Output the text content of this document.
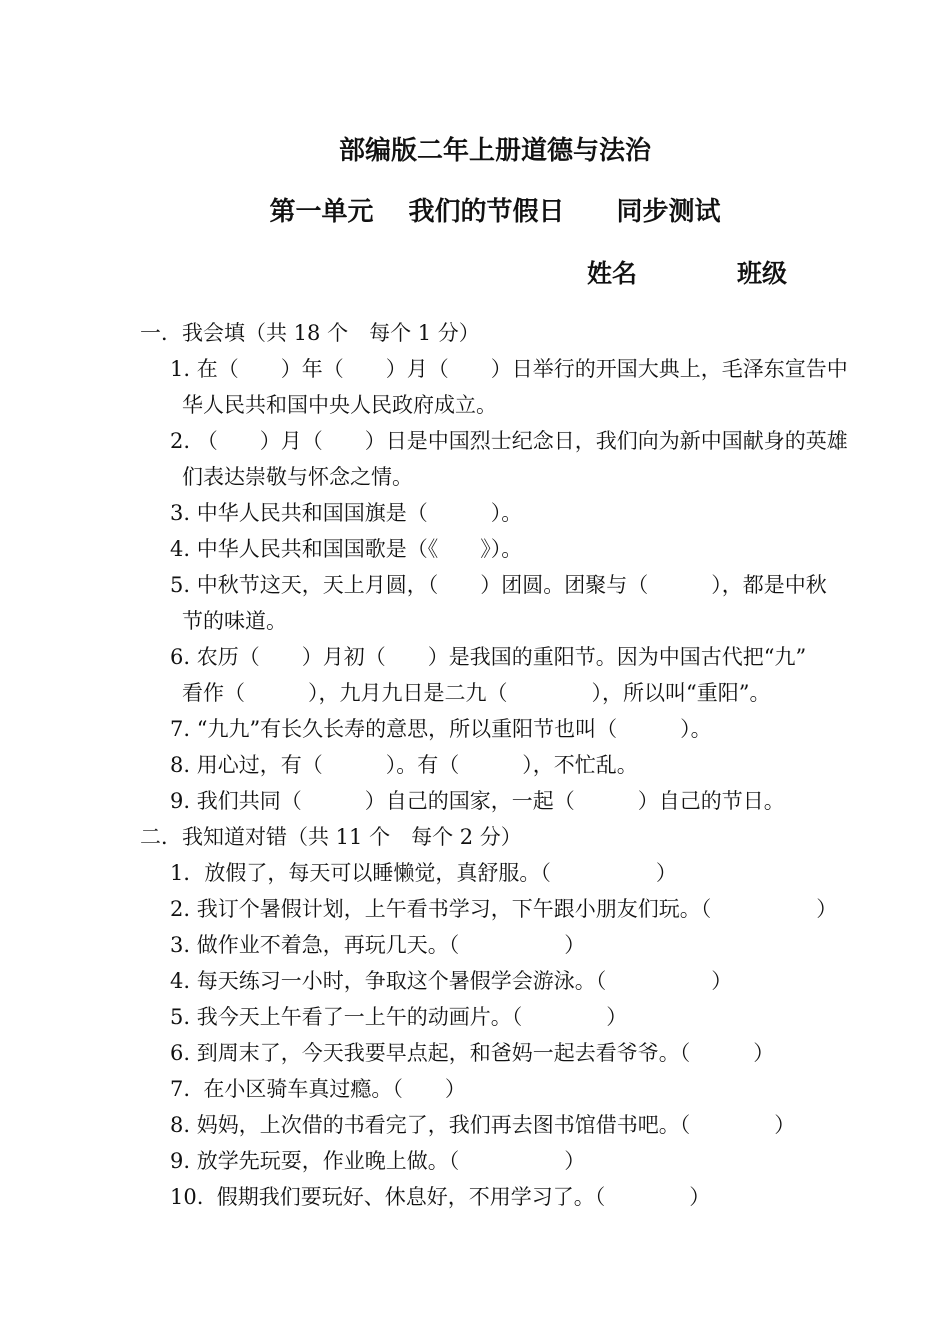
部编版二年上册道德与法治
第一单元　 我们的节假日　　同步测试
姓名　　　　班级
一．我会填（共 18 个　每个 1 分）
1. 在（　　）年（　　）月（　　）日举行的开国大典上，毛泽东宣告中
华人民共和国中央人民政府成立。
2. （　　）月（　　）日是中国烈士纪念日，我们向为新中国献身的英雄
们表达崇敬与怀念之情。
3. 中华人民共和国国旗是（　　　）。
4. 中华人民共和国国歌是（《　　》）。
5. 中秋节这天，天上月圆，（　　）团圆。团聚与（　　　），都是中秋
节的味道。
6. 农历（　　）月初（　　）是我国的重阳节。因为中国古代把“九”
看作（　　　），九月九日是二九（　　　　），所以叫“重阳”。
7. “九九”有长久长寿的意思，所以重阳节也叫（　　　）。
8. 用心过，有（　　　）。有（　　　），不忙乱。
9. 我们共同（　　　）自己的国家，一起（　　　）自己的节日。
二．我知道对错（共 11 个　每个 2 分）
1．放假了，每天可以睡懒觉，真舒服。（　　　　　）
2. 我订个暑假计划，上午看书学习，下午跟小朋友们玩。（　　　　　）
3. 做作业不着急，再玩几天。（　　　　　）
4. 每天练习一小时，争取这个暑假学会游泳。（　　　　　）
5. 我今天上午看了一上午的动画片。（　　　　）
6. 到周末了，今天我要早点起，和爸妈一起去看爷爷。（　　　）
7.  在小区骑车真过瘾。（　　）
8. 妈妈，上次借的书看完了，我们再去图书馆借书吧。（　　　　）
9. 放学先玩耍，作业晚上做。（　　　　　）
10.  假期我们要玩好、休息好，不用学习了。（　　　　）
